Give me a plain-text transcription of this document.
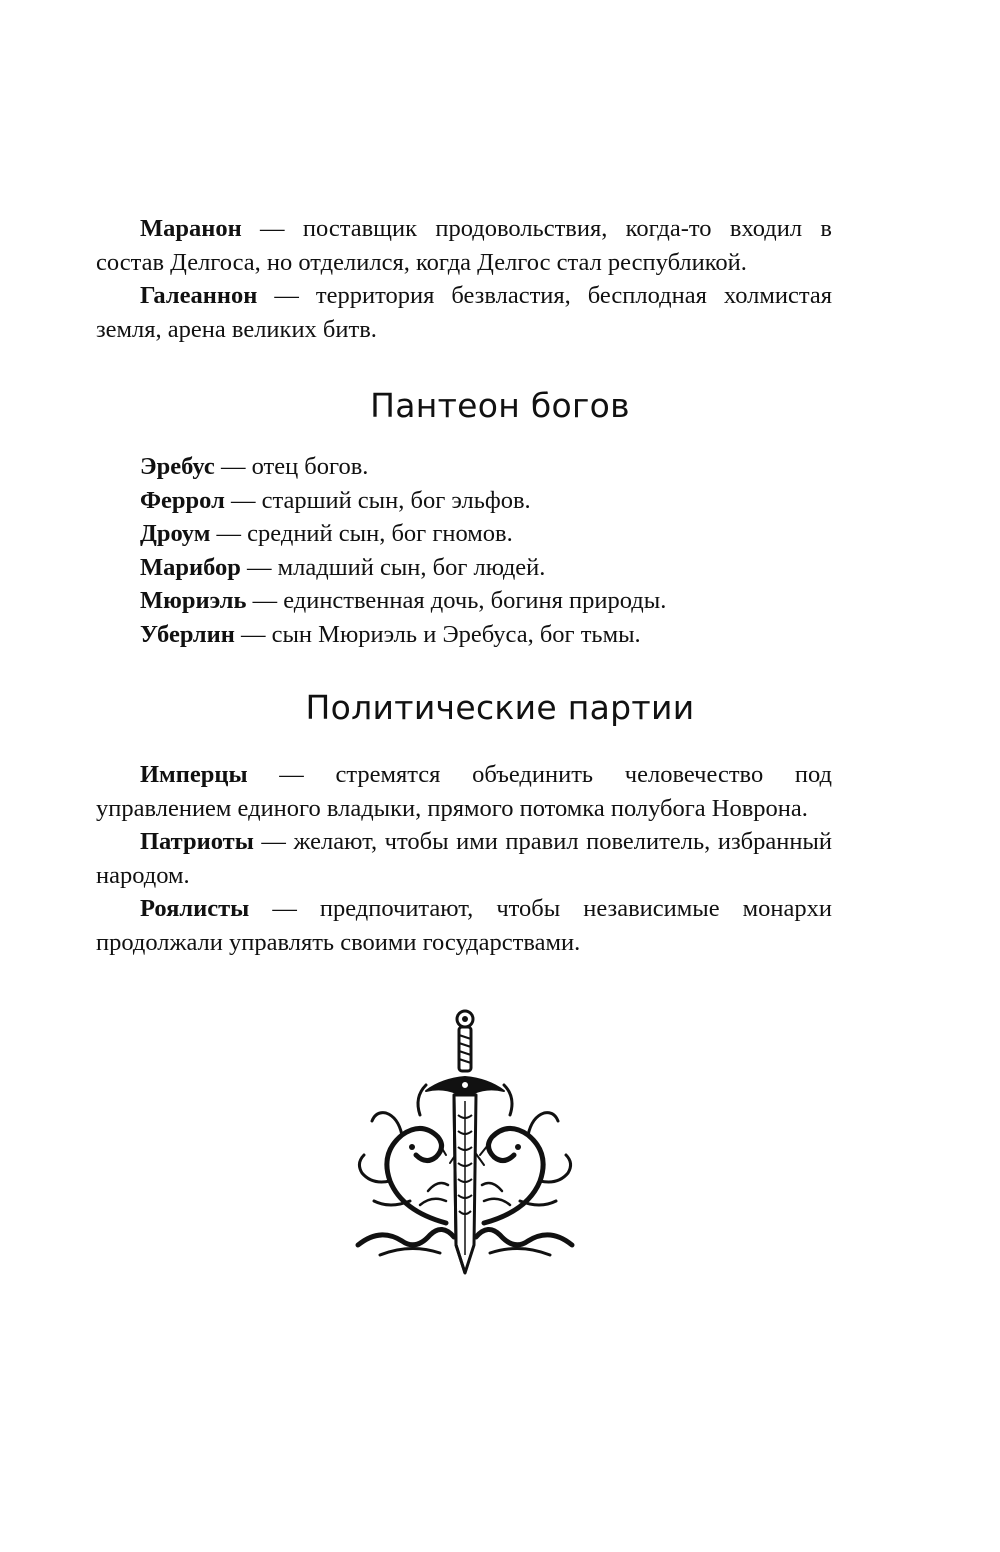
Маранон — поставщик продовольствия, когда-то входил в состав Делгоса, но отделился, когда Делгос стал республикой.

Галеаннон — территория безвластия, бесплодная холмистая земля, арена великих битв.

Пантеон богов
Эребус — отец богов.
Феррол — старший сын, бог эльфов.
Дроум — средний сын, бог гномов.
Марибор — младший сын, бог людей.
Мюриэль — единственная дочь, богиня природы.
Уберлин — сын Мюриэль и Эребуса, бог тьмы.
Политические партии

Имперцы — стремятся объединить человечество под управлением единого владыки, прямого потомка полубога Новрона.

Патриоты — желают, чтобы ими правил повелитель, избранный народом.

Роялисты — предпочитают, чтобы независимые монархи продолжали управлять своими государствами.
